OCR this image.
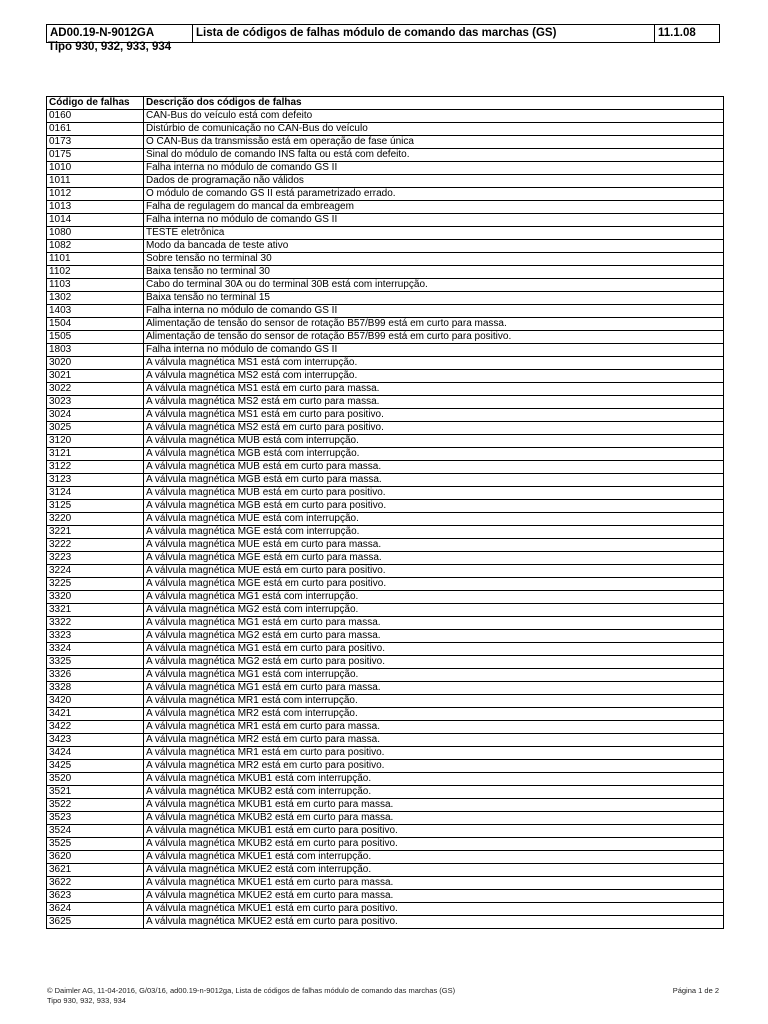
AD00.19-N-9012GA	Lista de códigos de falhas módulo de comando das marchas (GS)	11.1.08
Tipo 930, 932, 933, 934
Código de falhas	Descrição dos códigos de falhas
0160	CAN-Bus do veículo está com defeito
0161	Distúrbio de comunicação no CAN-Bus do veículo
0173	O CAN-Bus da transmissão está em operação de fase única
0175	Sinal do módulo de comando INS falta ou está com defeito.
1010	Falha interna no módulo de comando GS II
1011	Dados de programação não válidos
1012	O módulo de comando GS II está parametrizado errado.
1013	Falha de regulagem do mancal da embreagem
1014	Falha interna no módulo de comando GS II
1080	TESTE eletrônica
1082	Modo da bancada de teste ativo
1101	Sobre tensão no terminal 30
1102	Baixa tensão no terminal 30
1103	Cabo do terminal 30A ou do terminal 30B está com interrupção.
1302	Baixa tensão no terminal 15
1403	Falha interna no módulo de comando GS II
1504	Alimentação de tensão do sensor de rotação B57/B99 está em curto para massa.
1505	Alimentação de tensão do sensor de rotação B57/B99 está em curto para positivo.
1803	Falha interna no módulo de comando GS II
3020	A válvula magnética MS1 está com interrupção.
3021	A válvula magnética MS2 está com interrupção.
3022	A válvula magnética MS1 está em curto para massa.
3023	A válvula magnética MS2 está em curto para massa.
3024	A válvula magnética MS1 está em curto para positivo.
3025	A válvula magnética MS2 está em curto para positivo.
3120	A válvula magnética MUB está com interrupção.
3121	A válvula magnética MGB está com interrupção.
3122	A válvula magnética MUB está em curto para massa.
3123	A válvula magnética MGB está em curto para massa.
3124	A válvula magnética MUB está em curto para positivo.
3125	A válvula magnética MGB está em curto para positivo.
3220	A válvula magnética MUE está com interrupção.
3221	A válvula magnética MGE está com interrupção.
3222	A válvula magnética MUE está em curto para massa.
3223	A válvula magnética MGE está em curto para massa.
3224	A válvula magnética MUE está em curto para positivo.
3225	A válvula magnética MGE está em curto para positivo.
3320	A válvula magnética MG1 está com interrupção.
3321	A válvula magnética MG2 está com interrupção.
3322	A válvula magnética MG1 está em curto para massa.
3323	A válvula magnética MG2 está em curto para massa.
3324	A válvula magnética MG1 está em curto para positivo.
3325	A válvula magnética MG2 está em curto para positivo.
3326	A válvula magnética MG1 está com interrupção.
3328	A válvula magnética MG1 está em curto para massa.
3420	A válvula magnética MR1 está com interrupção.
3421	A válvula magnética MR2 está com interrupção.
3422	A válvula magnética MR1 está em curto para massa.
3423	A válvula magnética MR2 está em curto para massa.
3424	A válvula magnética MR1 está em curto para positivo.
3425	A válvula magnética MR2 está em curto para positivo.
3520	A válvula magnética MKUB1 está com interrupção.
3521	A válvula magnética MKUB2 está com interrupção.
3522	A válvula magnética MKUB1 está em curto para massa.
3523	A válvula magnética MKUB2 está em curto para massa.
3524	A válvula magnética MKUB1 está em curto para positivo.
3525	A válvula magnética MKUB2 está em curto para positivo.
3620	A válvula magnética MKUE1 está com interrupção.
3621	A válvula magnética MKUE2 está com interrupção.
3622	A válvula magnética MKUE1 está em curto para massa.
3623	A válvula magnética MKUE2 está em curto para massa.
3624	A válvula magnética MKUE1 está em curto para positivo.
3625	A válvula magnética MKUE2 está em curto para positivo.
© Daimler AG, 11-04-2016, G/03/16, ad00.19-n-9012ga, Lista de códigos de falhas módulo de comando das marchas (GS)	Página 1 de 2
Tipo 930, 932, 933, 934
